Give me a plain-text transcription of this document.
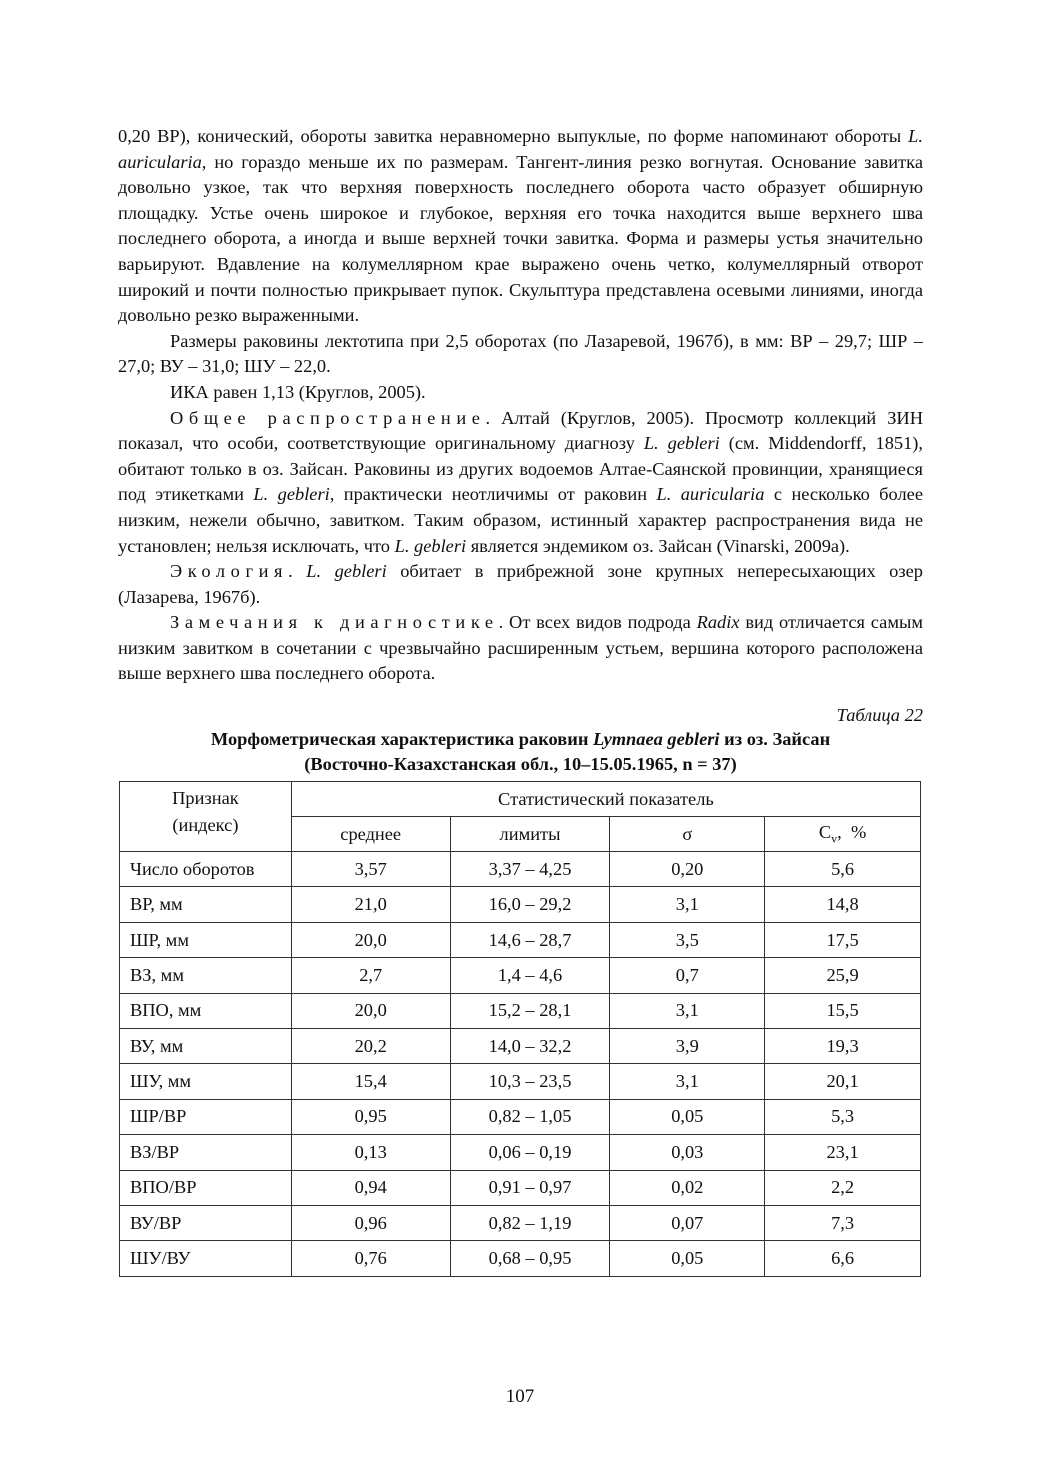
0,20 ВР), конический, обороты завитка неравномерно выпуклые, по форме напоминают обороты L. auricularia, но гораздо меньше их по размерам. Тангент-линия резко вогнутая. Основание завитка довольно узкое, так что верхняя поверхность последнего оборота часто образует обширную площадку. Устье очень широкое и глубокое, верхняя его точка находится выше верхнего шва последнего оборота, а иногда и выше верхней точки завитка. Форма и размеры устья значительно варьируют. Вдавление на колумеллярном крае выражено очень четко, колумеллярный отворот широкий и почти полностью прикрывает пупок. Скульптура представлена осевыми линиями, иногда довольно резко выраженными.

Размеры раковины лектотипа при 2,5 оборотах (по Лазаревой, 1967б), в мм: ВР – 29,7; ШР – 27,0; ВУ – 31,0; ШУ – 22,0.

ИКА равен 1,13 (Круглов, 2005).

Общее распространение. Алтай (Круглов, 2005). Просмотр коллекций ЗИН показал, что особи, соответствующие оригинальному диагнозу L. gebleri (см. Middendorff, 1851), обитают только в оз. Зайсан. Раковины из других водоемов Алтае-Саянской провинции, хранящиеся под этикетками L. gebleri, практически неотличимы от раковин L. auricularia с несколько более низким, нежели обычно, завитком. Таким образом, истинный характер распространения вида не установлен; нельзя исключать, что L. gebleri является эндемиком оз. Зайсан (Vinarski, 2009a).

Экология. L. gebleri обитает в прибрежной зоне крупных непересыхающих озер (Лазарева, 1967б).

Замечания к диагностике. От всех видов подрода Radix вид отличается самым низким завитком в сочетании с чрезвычайно расширенным устьем, вершина которого расположена выше верхнего шва последнего оборота.

Таблица 22
Морфометрическая характеристика раковин Lymnaea gebleri из оз. Зайсан
(Восточно-Казахстанская обл., 10–15.05.1965, n = 37)
Признак
(индекс)	Статистический показатель			
	среднее	лимиты	σ	$C_v$,  %
Число оборотов	3,57	3,37 – 4,25	0,20	5,6
ВР, мм	21,0	16,0 – 29,2	3,1	14,8
ШР, мм	20,0	14,6 – 28,7	3,5	17,5
ВЗ, мм	2,7	1,4 – 4,6	0,7	25,9
ВПО, мм	20,0	15,2 – 28,1	3,1	15,5
ВУ, мм	20,2	14,0 – 32,2	3,9	19,3
ШУ, мм	15,4	10,3 – 23,5	3,1	20,1
ШР/ВР	0,95	0,82 – 1,05	0,05	5,3
ВЗ/ВР	0,13	0,06 – 0,19	0,03	23,1
ВПО/ВР	0,94	0,91 – 0,97	0,02	2,2
ВУ/ВР	0,96	0,82 – 1,19	0,07	7,3
ШУ/ВУ	0,76	0,68 – 0,95	0,05	6,6
107
